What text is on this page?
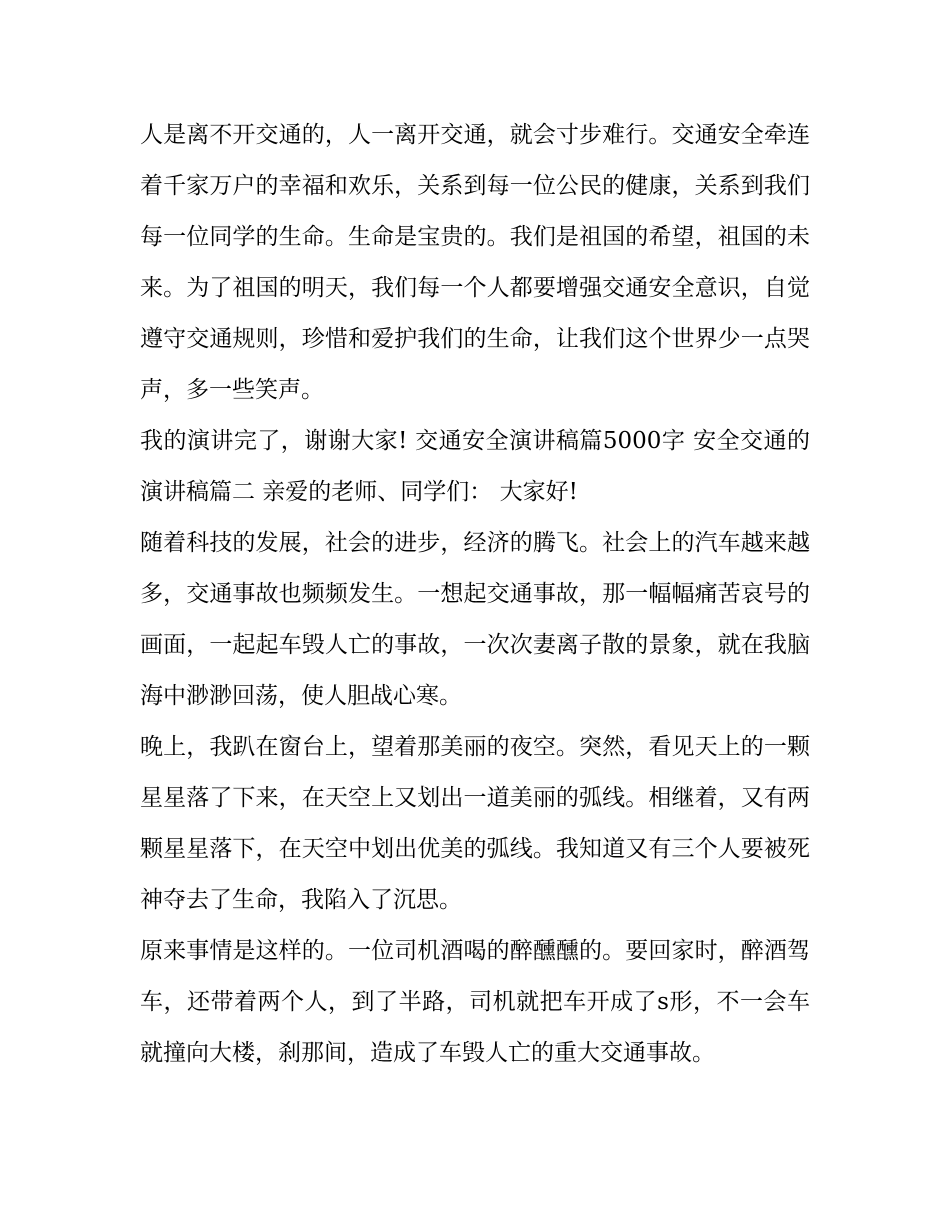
人是离不开交通的，人一离开交通，就会寸步难行。交通安全牵连着千家万户的幸福和欢乐，关系到每一位公民的健康，关系到我们每一位同学的生命。生命是宝贵的。我们是祖国的希望，祖国的未来。为了祖国的明天，我们每一个人都要增强交通安全意识，自觉遵守交通规则，珍惜和爱护我们的生命，让我们这个世界少一点哭声，多一些笑声。

我的演讲完了，谢谢大家! 交通安全演讲稿篇5000字 安全交通的演讲稿篇二 亲爱的老师、同学们： 大家好!

随着科技的发展，社会的进步，经济的腾飞。社会上的汽车越来越多，交通事故也频频发生。一想起交通事故，那一幅幅痛苦哀号的画面，一起起车毁人亡的事故，一次次妻离子散的景象，就在我脑海中渺渺回荡，使人胆战心寒。

晚上，我趴在窗台上，望着那美丽的夜空。突然，看见天上的一颗星星落了下来，在天空上又划出一道美丽的弧线。相继着，又有两颗星星落下，在天空中划出优美的弧线。我知道又有三个人要被死神夺去了生命，我陷入了沉思。

原来事情是这样的。一位司机酒喝的醉醺醺的。要回家时，醉酒驾车，还带着两个人，到了半路，司机就把车开成了s形，不一会车就撞向大楼，刹那间，造成了车毁人亡的重大交通事故。
